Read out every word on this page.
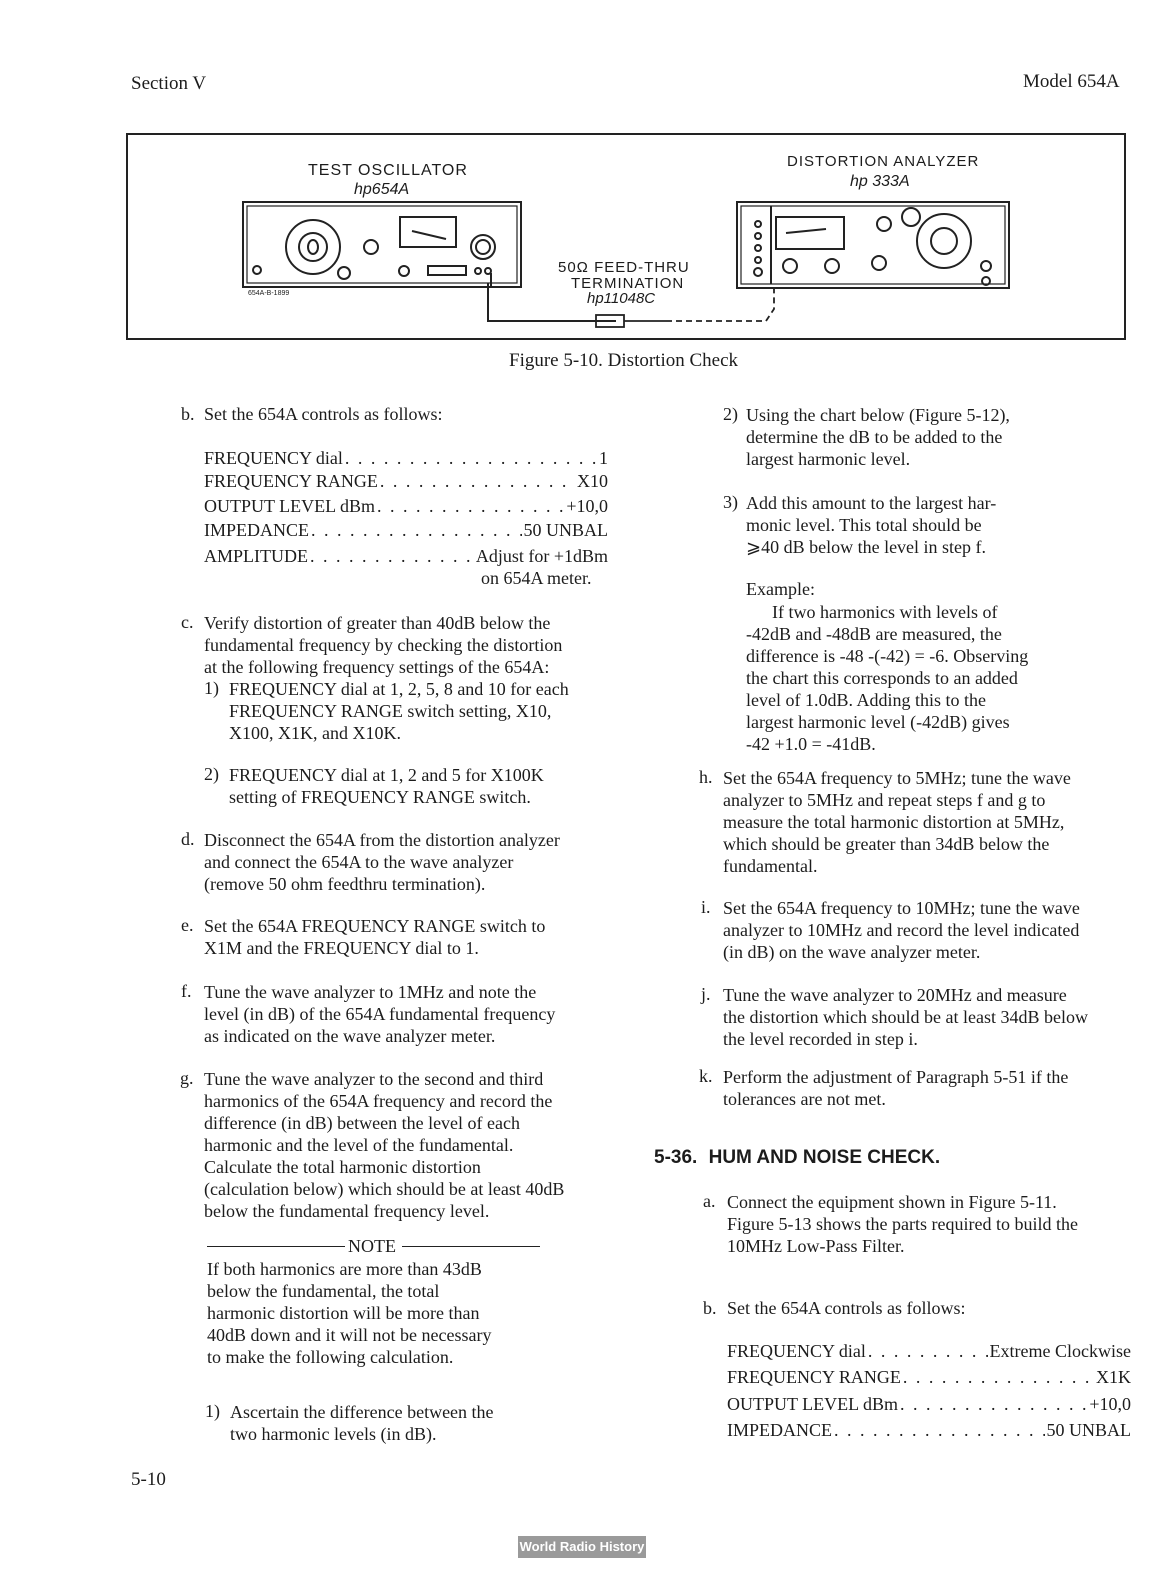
Section V	Model 654A
TEST OSCILLATOR
hp654A
654A-B-1899
DISTORTION ANALYZER
hp 333A
50Ω FEED-THRU
TERMINATION
hp11048C
Figure 5-10. Distortion Check
b. Set the 654A controls as follows:
FREQUENCY dial . . .	1
FREQUENCY RANGE . . .	X10
OUTPUT LEVEL dBm . . .	+10,0
IMPEDANCE . . .	50 UNBAL
AMPLITUDE . . .	Adjust for +1dBm
on 654A meter.
c. Verify distortion of greater than 40dB below the
fundamental frequency by checking the distortion
at the following frequency settings of the 654A:
1) FREQUENCY dial at 1, 2, 5, 8 and 10 for each
FREQUENCY RANGE switch setting, X10,
X100, X1K, and X10K.
2) FREQUENCY dial at 1, 2 and 5 for X100K
setting of FREQUENCY RANGE switch.
d. Disconnect the 654A from the distortion analyzer
and connect the 654A to the wave analyzer
(remove 50 ohm feedthru termination).
e. Set the 654A FREQUENCY RANGE switch to
X1M and the FREQUENCY dial to 1.
f. Tune the wave analyzer to 1MHz and note the
level (in dB) of the 654A fundamental frequency
as indicated on the wave analyzer meter.
g. Tune the wave analyzer to the second and third
harmonics of the 654A frequency and record the
difference (in dB) between the level of each
harmonic and the level of the fundamental.
Calculate the total harmonic distortion
(calculation below) which should be at least 40dB
below the fundamental frequency level.
NOTE
If both harmonics are more than 43dB
below the fundamental, the total
harmonic distortion will be more than
40dB down and it will not be necessary
to make the following calculation.
1) Ascertain the difference between the
two harmonic levels (in dB).
2) Using the chart below (Figure 5-12),
determine the dB to be added to the
largest harmonic level.
3) Add this amount to the largest har-
monic level. This total should be
⩾40 dB below the level in step f.
Example:
If two harmonics with levels of
-42dB and -48dB are measured, the
difference is -48 -(-42) = -6. Observing
the chart this corresponds to an added
level of 1.0dB. Adding this to the
largest harmonic level (-42dB) gives
-42 +1.0 = -41dB.
h. Set the 654A frequency to 5MHz; tune the wave
analyzer to 5MHz and repeat steps f and g to
measure the total harmonic distortion at 5MHz,
which should be greater than 34dB below the
fundamental.
i. Set the 654A frequency to 10MHz; tune the wave
analyzer to 10MHz and record the level indicated
(in dB) on the wave analyzer meter.
j. Tune the wave analyzer to 20MHz and measure
the distortion which should be at least 34dB below
the level recorded in step i.
k. Perform the adjustment of Paragraph 5-51 if the
tolerances are not met.
5-36. HUM AND NOISE CHECK.
a. Connect the equipment shown in Figure 5-11.
Figure 5-13 shows the parts required to build the
10MHz Low-Pass Filter.
b. Set the 654A controls as follows:
FREQUENCY dial . . .	Extreme Clockwise
FREQUENCY RANGE . . .	X1K
OUTPUT LEVEL dBm . . .	+10,0
IMPEDANCE . . .	50 UNBAL
5-10
World Radio History
